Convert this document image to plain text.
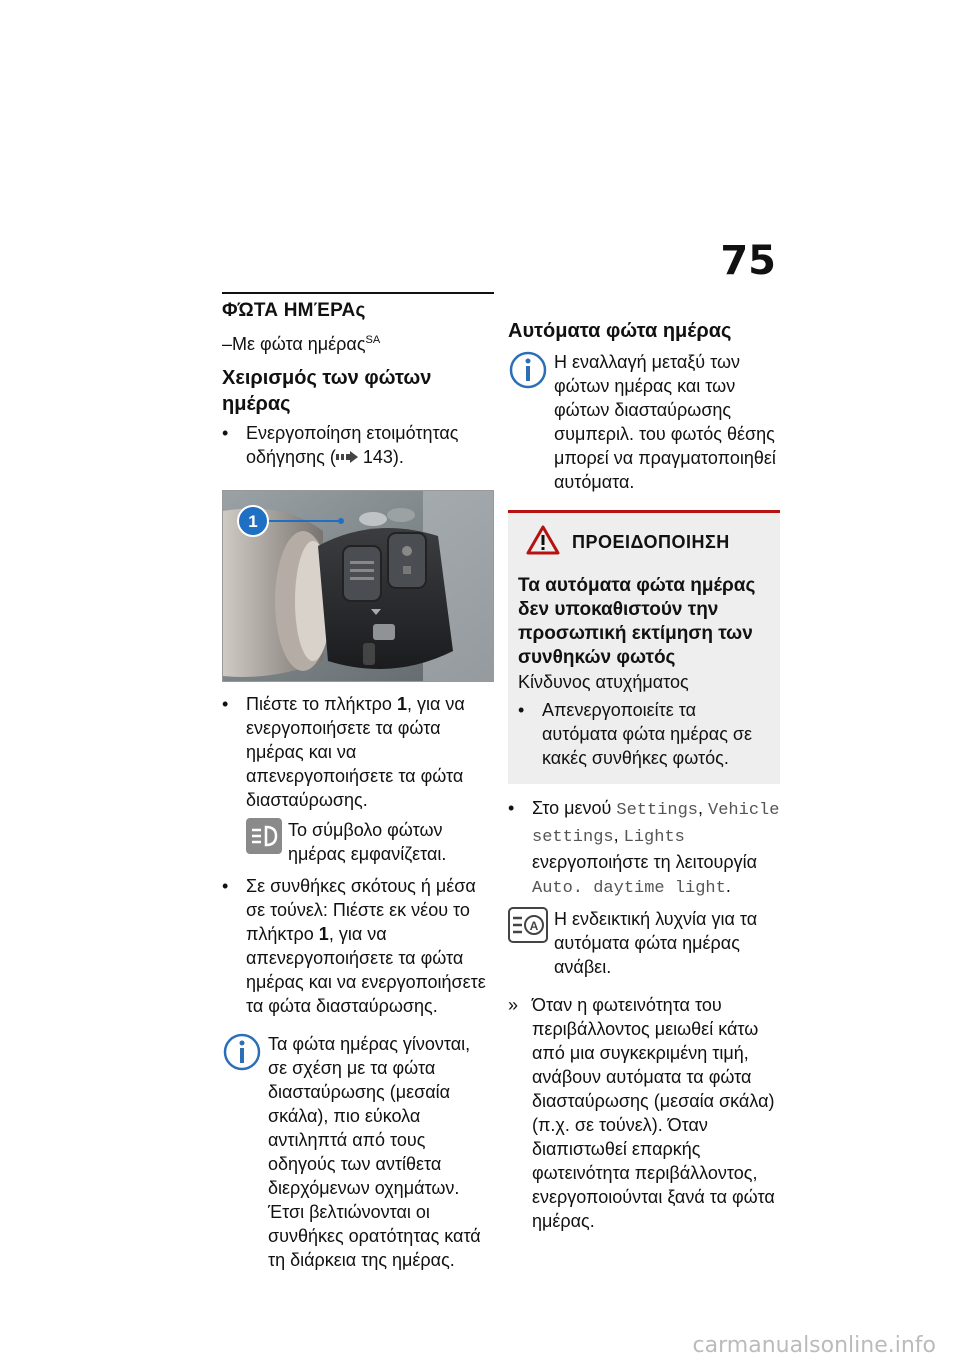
75
ΦΏΤΑ ΗΜΈΡΑς
–Με φώτα ημέρας$^{SA}$
Χειρισμός των φώτων ημέρας
• Ενεργοποίηση ετοιμότητας οδήγησης ( 143).
1
• Πιέστε το πλήκτρο 1, για να ενεργοποιήσετε τα φώτα ημέρας και να απενεργοποιήσετε τα φώτα διασταύρωσης.
Το σύμβολο φώτων ημέρας εμφανίζεται.
• Σε συνθήκες σκότους ή μέσα σε τούνελ: Πιέστε εκ νέου το πλήκτρο 1, για να απενεργοποιήσετε τα φώτα ημέρας και να ενεργοποιήσετε τα φώτα διασταύρωσης.
Τα φώτα ημέρας γίνονται, σε σχέση με τα φώτα διασταύρωσης (μεσαία σκάλα), πιο εύκολα αντιληπτά από τους οδηγούς των αντίθετα διερχόμενων οχημάτων. Έτσι βελτιώνονται οι συνθήκες ορατότητας κατά τη διάρκεια της ημέρας.
Αυτόματα φώτα ημέρας
Η εναλλαγή μεταξύ των φώτων ημέρας και των φώτων διασταύρωσης συμπεριλ. του φωτός θέσης μπορεί να πραγματοποιηθεί αυτόματα.
ΠΡΟΕΙΔΟΠΟΙΗΣΗ
Τα αυτόματα φώτα ημέρας δεν υποκαθιστούν την προσωπική εκτίμηση των συνθηκών φωτός
Κίνδυνος ατυχήματος
• Απενεργοποιείτε τα αυτόματα φώτα ημέρας σε κακές συνθήκες φωτός.
• Στο μενού Settings, Vehicle settings, Lights ενεργοποιήστε τη λειτουργία Auto. daytime light.
A Η ενδεικτική λυχνία για τα αυτόματα φώτα ημέρας ανάβει.
» Όταν η φωτεινότητα του περιβάλλοντος μειωθεί κάτω από μια συγκεκριμένη τιμή, ανάβουν αυτόματα τα φώτα διασταύρωσης (μεσαία σκάλα) (π.χ. σε τούνελ). Όταν διαπιστωθεί επαρκής φωτεινότητα περιβάλλοντος, ενεργοποιούνται ξανά τα φώτα ημέρας.
carmanualsonline.info
